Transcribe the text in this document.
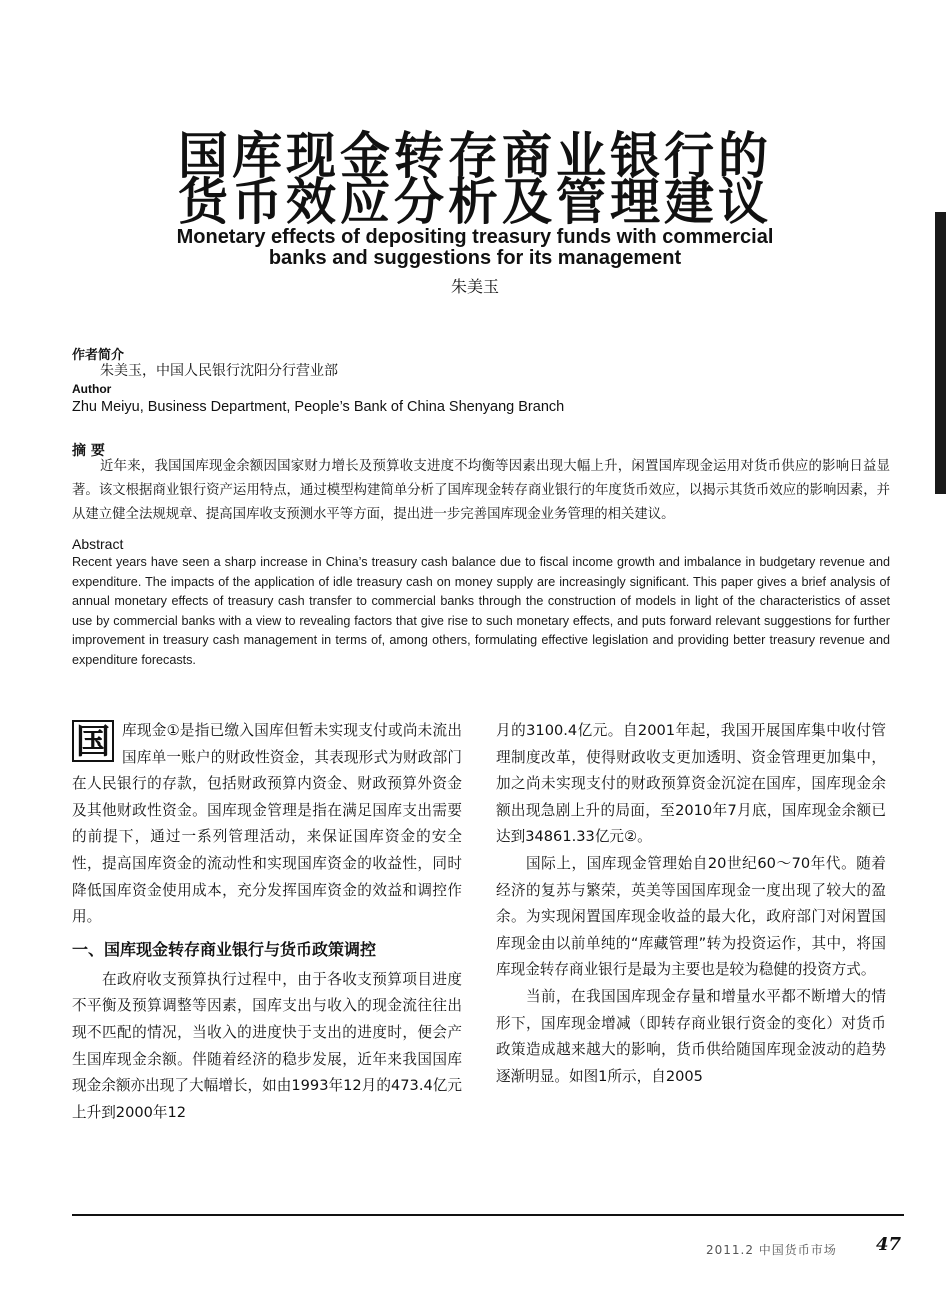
国库现金转存商业银行的
货币效应分析及管理建议
Monetary effects of depositing treasury funds with commercial
banks and suggestions for its management
朱美玉
作者简介
朱美玉，中国人民银行沈阳分行营业部
Author
Zhu Meiyu, Business Department, People’s Bank of China Shenyang Branch
摘 要
近年来，我国国库现金余额因国家财力增长及预算收支进度不均衡等因素出现大幅上升，闲置国库现金运用对货币供应的影响日益显著。该文根据商业银行资产运用特点，通过模型构建简单分析了国库现金转存商业银行的年度货币效应，以揭示其货币效应的影响因素，并从建立健全法规规章、提高国库收支预测水平等方面，提出进一步完善国库现金业务管理的相关建议。
Abstract
Recent years have seen a sharp increase in China’s treasury cash balance due to fiscal income growth and imbalance in budgetary revenue and expenditure. The impacts of the application of idle treasury cash on money supply are increasingly significant. This paper gives a brief analysis of annual monetary effects of treasury cash transfer to commercial banks through the construction of models in light of the characteristics of asset use by commercial banks with a view to revealing factors that give rise to such monetary effects, and puts forward relevant suggestions for further improvement in treasury cash management in terms of, among others, formulating effective legislation and providing better treasury revenue and expenditure forecasts.

国 库现金①是指已缴入国库但暂未实现支付或尚未流出国库单一账户的财政性资金，其表现形式为财政部门在人民银行的存款，包括财政预算内资金、财政预算外资金及其他财政性资金。国库现金管理是指在满足国库支出需要的前提下，通过一系列管理活动，来保证国库资金的安全性，提高国库资金的流动性和实现国库资金的收益性，同时降低国库资金使用成本，充分发挥国库资金的效益和调控作用。

一、国库现金转存商业银行与货币政策调控

在政府收支预算执行过程中，由于各收支预算项目进度不平衡及预算调整等因素，国库支出与收入的现金流往往出现不匹配的情况，当收入的进度快于支出的进度时，便会产生国库现金余额。伴随着经济的稳步发展，近年来我国国库现金余额亦出现了大幅增长，如由1993年12月的473.4亿元上升到2000年12

月的3100.4亿元。自2001年起，我国开展国库集中收付管理制度改革，使得财政收支更加透明、资金管理更加集中，加之尚未实现支付的财政预算资金沉淀在国库，国库现金余额出现急剧上升的局面，至2010年7月底，国库现金余额已达到34861.33亿元②。

国际上，国库现金管理始自20世纪60～70年代。随着经济的复苏与繁荣，英美等国国库现金一度出现了较大的盈余。为实现闲置国库现金收益的最大化，政府部门对闲置国库现金由以前单纯的“库藏管理”转为投资运作，其中，将国库现金转存商业银行是最为主要也是较为稳健的投资方式。

当前，在我国国库现金存量和增量水平都不断增大的情形下，国库现金增减（即转存商业银行资金的变化）对货币政策造成越来越大的影响，货币供给随国库现金波动的趋势逐渐明显。如图1所示，自2005

2011.2 中国货币市场 47
